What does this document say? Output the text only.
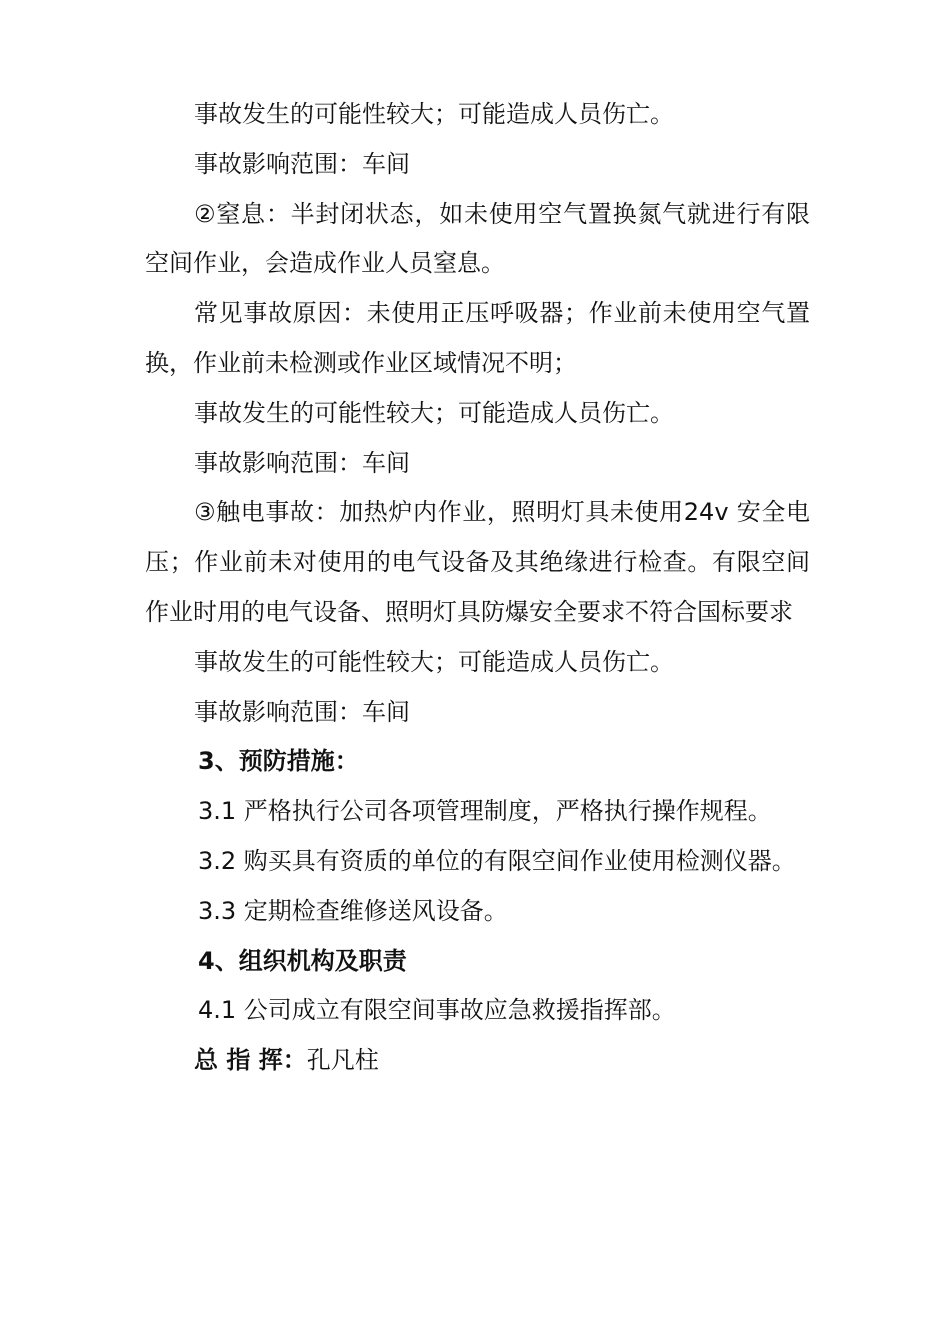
事故发生的可能性较大；可能造成人员伤亡。

事故影响范围：车间

②窒息：半封闭状态，如未使用空气置换氮气就进行有限空间作业，会造成作业人员窒息。

常见事故原因：未使用正压呼吸器；作业前未使用空气置换，作业前未检测或作业区域情况不明；

事故发生的可能性较大；可能造成人员伤亡。

事故影响范围：车间

③触电事故：加热炉内作业，照明灯具未使用24v 安全电压；作业前未对使用的电气设备及其绝缘进行检查。有限空间作业时用的电气设备、照明灯具防爆安全要求不符合国标要求

事故发生的可能性较大；可能造成人员伤亡。

事故影响范围：车间

3、预防措施：

3.1 严格执行公司各项管理制度，严格执行操作规程。

3.2 购买具有资质的单位的有限空间作业使用检测仪器。

3.3 定期检查维修送风设备。

4、组织机构及职责

4.1 公司成立有限空间事故应急救援指挥部。

总 指 挥：孔凡柱
